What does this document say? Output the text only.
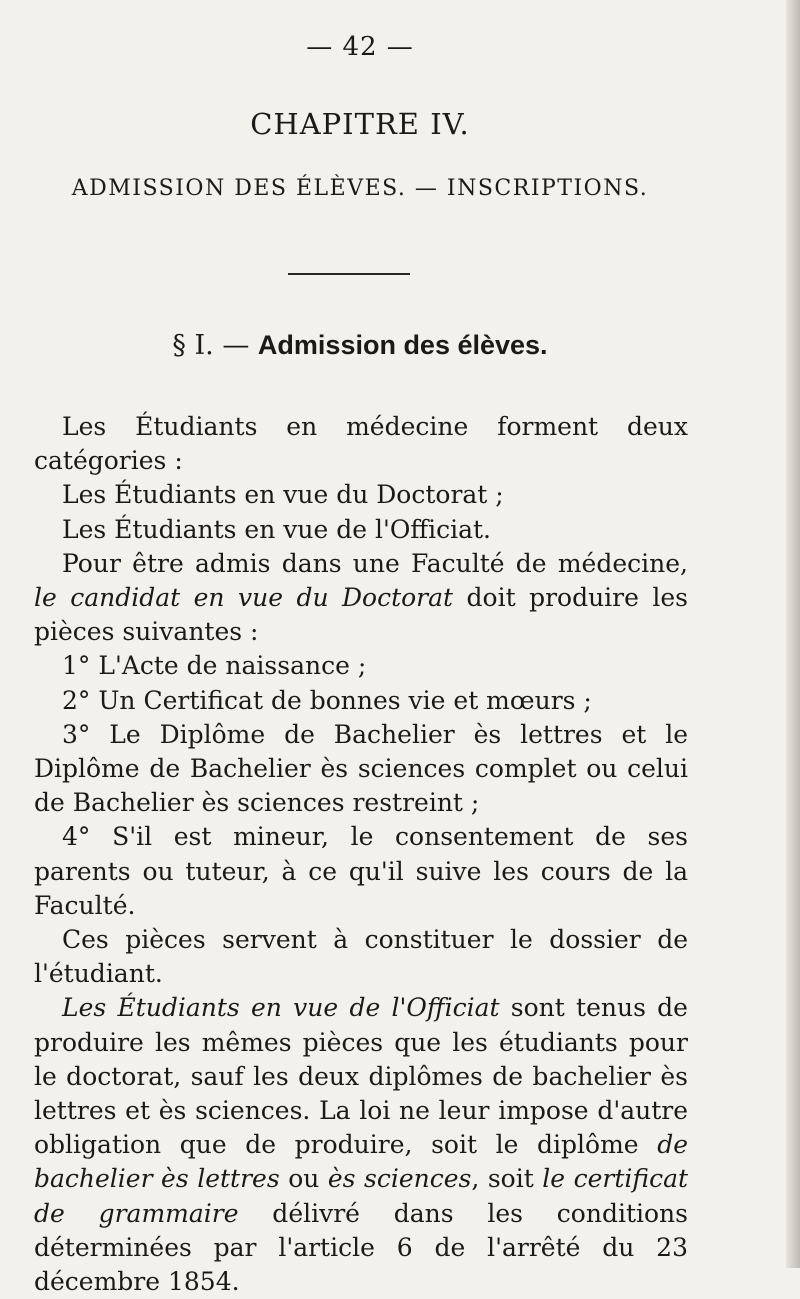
— 42 —
CHAPITRE IV.
ADMISSION DES ÉLÈVES. — INSCRIPTIONS.
§ I. — Admission des élèves.

Les Étudiants en médecine forment deux catégories :

Les Étudiants en vue du Doctorat ;

Les Étudiants en vue de l'Officiat.

Pour être admis dans une Faculté de médecine, le candidat en vue du Doctorat doit produire les pièces suivantes :

1° L'Acte de naissance ;

2° Un Certificat de bonnes vie et mœurs ;

3° Le Diplôme de Bachelier ès lettres et le Diplôme de Bachelier ès sciences complet ou celui de Bachelier ès sciences restreint ;

4° S'il est mineur, le consentement de ses parents ou tuteur, à ce qu'il suive les cours de la Faculté.

Ces pièces servent à constituer le dossier de l'étudiant.

Les Étudiants en vue de l'Officiat sont tenus de produire les mêmes pièces que les étudiants pour le doctorat, sauf les deux diplômes de bachelier ès lettres et ès sciences. La loi ne leur impose d'autre obligation que de produire, soit le diplôme de bachelier ès lettres ou ès sciences, soit le certificat de grammaire délivré dans les conditions déterminées par l'article 6 de l'arrêté du 23 décembre 1854.
